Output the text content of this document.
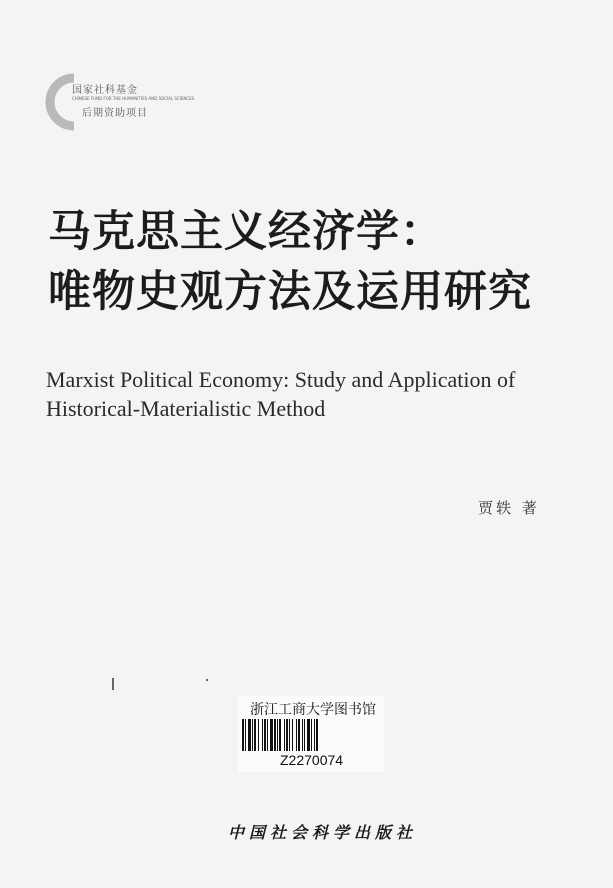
国家社科基金
CHINESE FUND FOR THE HUMANITIES AND SOCIAL SCIENCES
后期资助项目
马克思主义经济学：
唯物史观方法及运用研究
Marxist Political Economy: Study and Application of
Historical-Materialistic Method
贾轶 著
浙江工商大学图书馆
Z2270074
中国社会科学出版社
